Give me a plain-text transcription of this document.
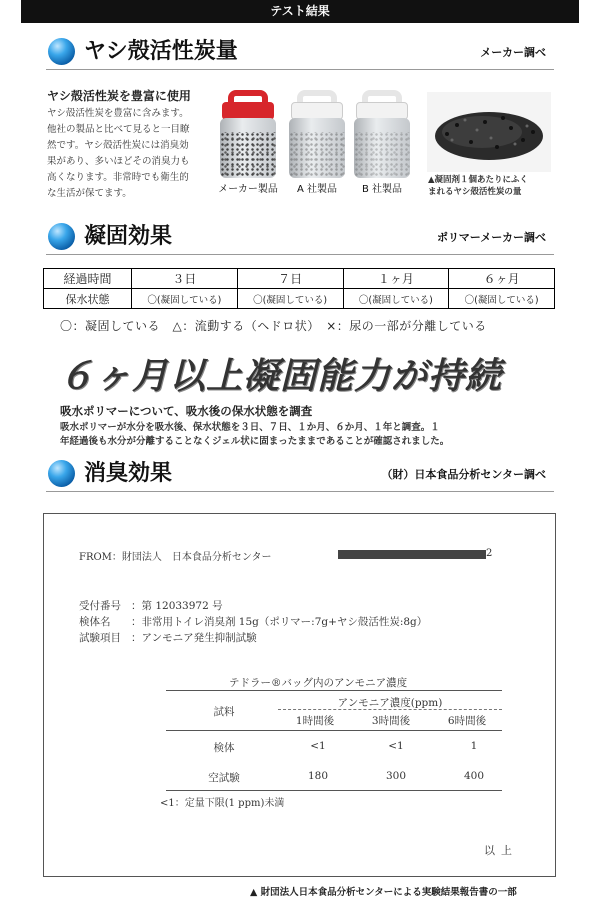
テスト結果
ヤシ殻活性炭量	メーカー調べ
ヤシ殻活性炭を豊富に使用
ヤシ殻活性炭を豊富に含みます。
他社の製品と比べて見ると一目瞭
然です。ヤシ殻活性炭には消臭効
果があり、多いほどその消臭力も
高くなります。非常時でも衛生的
な生活が保てます。	メーカー製品	A 社製品	B 社製品
▲凝固剤１個あたりにふく
まれるヤシ殻活性炭の量
凝固効果	ポリマーメーカー調べ
経過時間	３日	７日	１ヶ月	６ヶ月
保水状態	〇(凝固している)	〇(凝固している)	〇(凝固している)	〇(凝固している)
〇：凝固している　△：流動する（ヘドロ状）　×：尿の一部が分離している
６ヶ月以上凝固能力が持続
吸水ポリマーについて、吸水後の保水状態を調査
吸水ポリマーが水分を吸水後、保水状態を３日、７日、１か月、６か月、１年と調査。１
年経過後も水分が分離することなくジェル状に固まったままであることが確認されました。
消臭効果	（財）日本食品分析センター調べ
FROM：財団法人　日本食品分析センター	2
受付番号 ：第 12033972 号
検体名 ：非常用トイレ消臭剤 15g（ポリマー:7g+ヤシ殻活性炭:8g）
試験項目 ：アンモニア発生抑制試験
テドラー®バッグ内のアンモニア濃度
試料
アンモニア濃度(ppm)
1時間後	3時間後	6時間後
検体	<1	<1	1
空試験	180	300	400
<1：定量下限(1 ppm)未満
以上
▲ 財団法人日本食品分析センターによる実験結果報告書の一部
